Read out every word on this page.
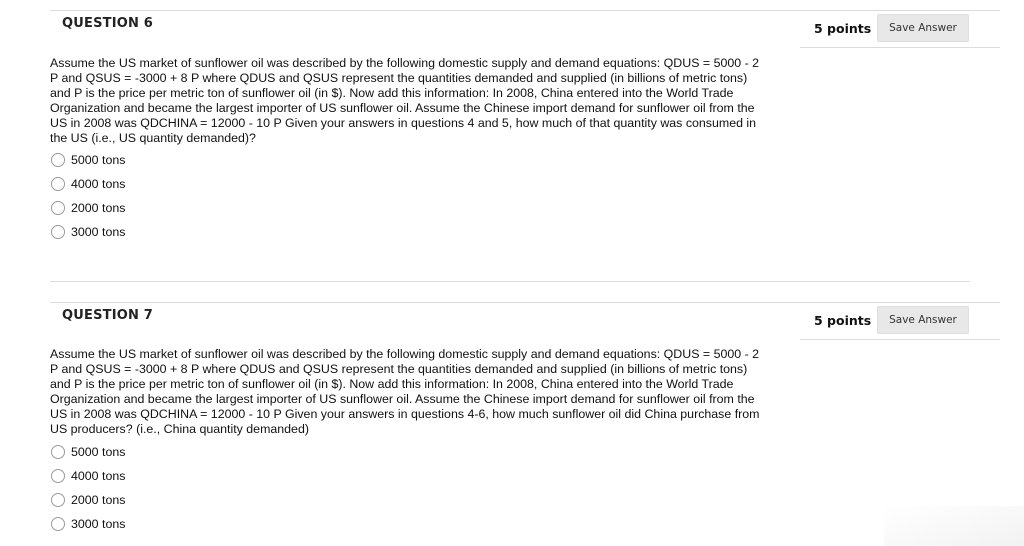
QUESTION 6	5 points	Save Answer
Assume the US market of sunflower oil was described by the following domestic supply and demand equations: QDUS = 5000 - 2 P and QSUS = -3000 + 8 P where QDUS and QSUS represent the quantities demanded and supplied (in billions of metric tons) and P is the price per metric ton of sunflower oil (in $). Now add this information: In 2008, China entered into the World Trade Organization and became the largest importer of US sunflower oil. Assume the Chinese import demand for sunflower oil from the US in 2008 was QDCHINA = 12000 - 10 P Given your answers in questions 4 and 5, how much of that quantity was consumed in the US (i.e., US quantity demanded)?
5000 tons
4000 tons
2000 tons
3000 tons
QUESTION 7	5 points	Save Answer
Assume the US market of sunflower oil was described by the following domestic supply and demand equations: QDUS = 5000 - 2 P and QSUS = -3000 + 8 P where QDUS and QSUS represent the quantities demanded and supplied (in billions of metric tons) and P is the price per metric ton of sunflower oil (in $). Now add this information: In 2008, China entered into the World Trade Organization and became the largest importer of US sunflower oil. Assume the Chinese import demand for sunflower oil from the US in 2008 was QDCHINA = 12000 - 10 P Given your answers in questions 4-6, how much sunflower oil did China purchase from US producers? (i.e., China quantity demanded)
5000 tons
4000 tons
2000 tons
3000 tons
